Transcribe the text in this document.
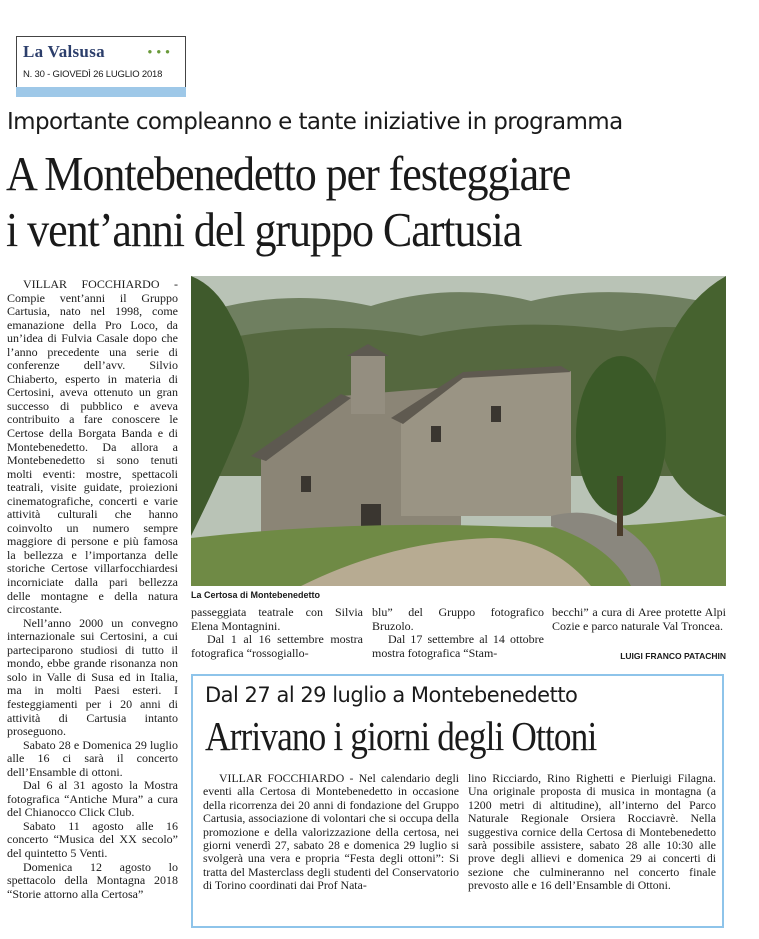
La Valsusa	● ● ●
N. 30 - GIOVEDÌ 26 LUGLIO 2018
Importante compleanno e tante iniziative in programma
A Montebenedetto per festeggiare
i vent’anni del gruppo Cartusia

VILLAR FOCCHIARDO - Compie vent’anni il Gruppo Cartusia, nato nel 1998, come emanazione della Pro Loco, da un’idea di Fulvia Casale dopo che l’anno precedente una serie di conferenze dell’avv. Silvio Chiaberto, esperto in materia di Certosini, aveva ottenuto un gran successo di pubblico e aveva contribuito a fare conoscere le Certose della Borgata Banda e di Montebenedetto. Da allora a Montebenedetto si sono tenuti molti eventi: mostre, spettacoli teatrali, visite guidate, proiezioni cinematografiche, concerti e varie attività culturali che hanno coinvolto un numero sempre maggiore di persone e più famosa la bellezza e l’importanza delle storiche Certose villarfocchiardesi incorniciate dalla pari bellezza delle montagne e della natura circostante.

Nell’anno 2000 un convegno internazionale sui Certosini, a cui parteciparono studiosi di tutto il mondo, ebbe grande risonanza non solo in Valle di Susa ed in Italia, ma in molti Paesi esteri. I festeggiamenti per i 20 anni di attività di Cartusia intanto proseguono.

Sabato 28 e Domenica 29 luglio alle 16 ci sarà il concerto dell’Ensamble di ottoni.

Dal 6 al 31 agosto la Mostra fotografica “Antiche Mura” a cura del Chianocco Click Club.

Sabato 11 agosto alle 16 concerto “Musica del XX secolo” del quintetto 5 Venti.

Domenica 12 agosto lo spettacolo della Montagna 2018 “Storie attorno alla Certosa”

La Certosa di Montebenedetto

passeggiata teatrale con Silvia Elena Montagnini.

Dal 1 al 16 settembre mostra fotografica “rossogiallo-

blu” del Gruppo fotografico Bruzolo.

Dal 17 settembre al 14 ottobre mostra fotografica “Stam-

becchi” a cura di Aree protette Alpi Cozie e parco naturale Val Troncea.

LUIGI FRANCO PATACHIN
Dal 27 al 29 luglio a Montebenedetto
Arrivano i giorni degli Ottoni

VILLAR FOCCHIARDO - Nel calendario degli eventi alla Certosa di Montebenedetto in occasione della ricorrenza dei 20 anni di fondazione del Gruppo Cartusia, associazione di volontari che si occupa della promozione e della valorizzazione della certosa, nei giorni venerdì 27, sabato 28 e domenica 29 luglio si svolgerà una vera e propria “Festa degli ottoni”: Si tratta del Masterclass degli studenti del Conservatorio di Torino coordinati dai Prof Nata-

lino Ricciardo, Rino Righetti e Pierluigi Filagna. Una originale proposta di musica in montagna (a 1200 metri di altitudine), all’interno del Parco Naturale Regionale Orsiera Rocciavrè. Nella suggestiva cornice della Certosa di Montebenedetto sarà possibile assistere, sabato 28 alle 10:30 alle prove degli allievi e domenica 29 ai concerti di sezione che culmineranno nel concerto finale prevosto alle e 16 dell’Ensamble di Ottoni.
